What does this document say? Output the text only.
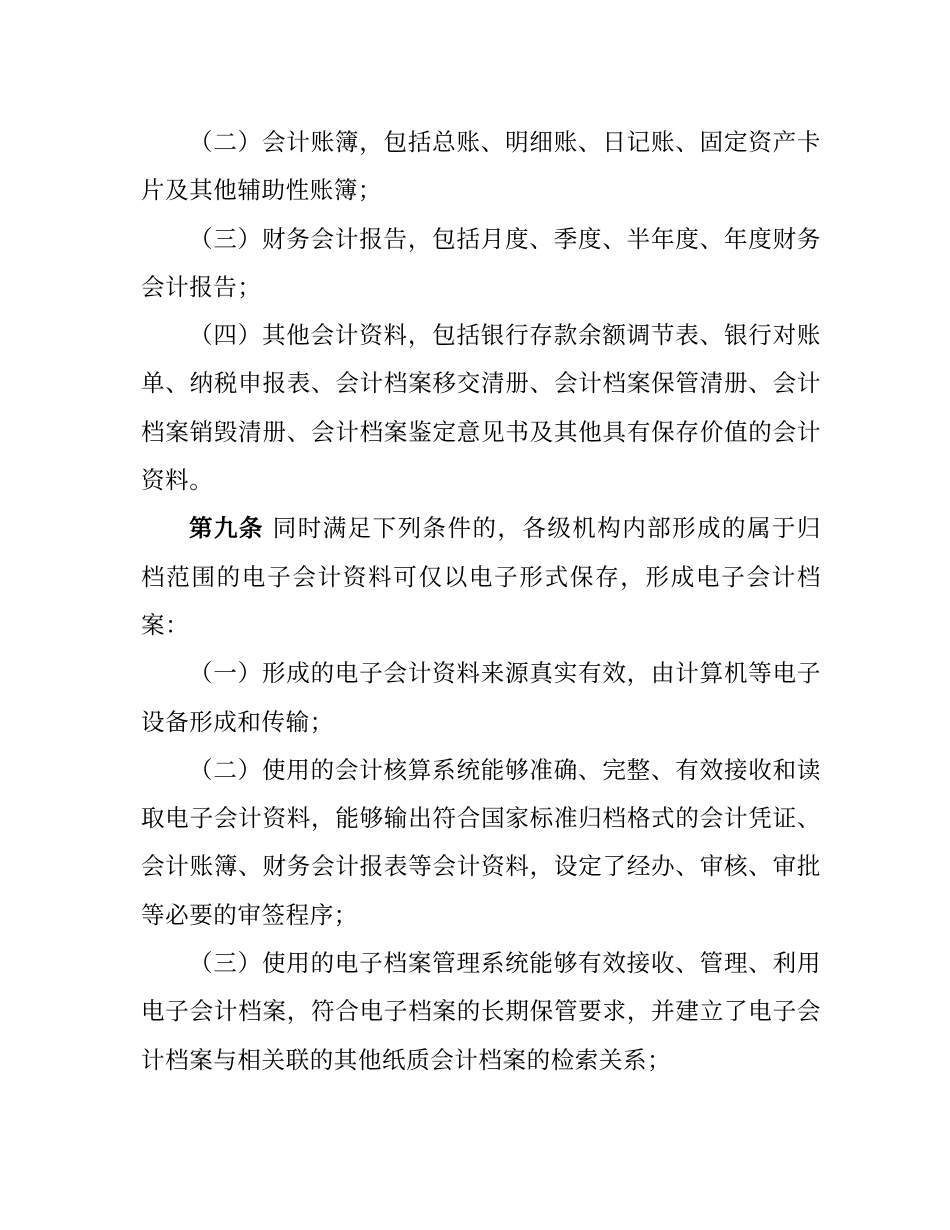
（二）会计账簿，包括总账、明细账、日记账、固定资产卡片及其他辅助性账簿；

（三）财务会计报告，包括月度、季度、半年度、年度财务会计报告；

（四）其他会计资料，包括银行存款余额调节表、银行对账单、纳税申报表、会计档案移交清册、会计档案保管清册、会计档案销毁清册、会计档案鉴定意见书及其他具有保存价值的会计资料。

第九条 同时满足下列条件的，各级机构内部形成的属于归档范围的电子会计资料可仅以电子形式保存，形成电子会计档案：

（一）形成的电子会计资料来源真实有效，由计算机等电子设备形成和传输；

（二）使用的会计核算系统能够准确、完整、有效接收和读取电子会计资料，能够输出符合国家标准归档格式的会计凭证、会计账簿、财务会计报表等会计资料，设定了经办、审核、审批等必要的审签程序；

（三）使用的电子档案管理系统能够有效接收、管理、利用电子会计档案，符合电子档案的长期保管要求，并建立了电子会计档案与相关联的其他纸质会计档案的检索关系；
